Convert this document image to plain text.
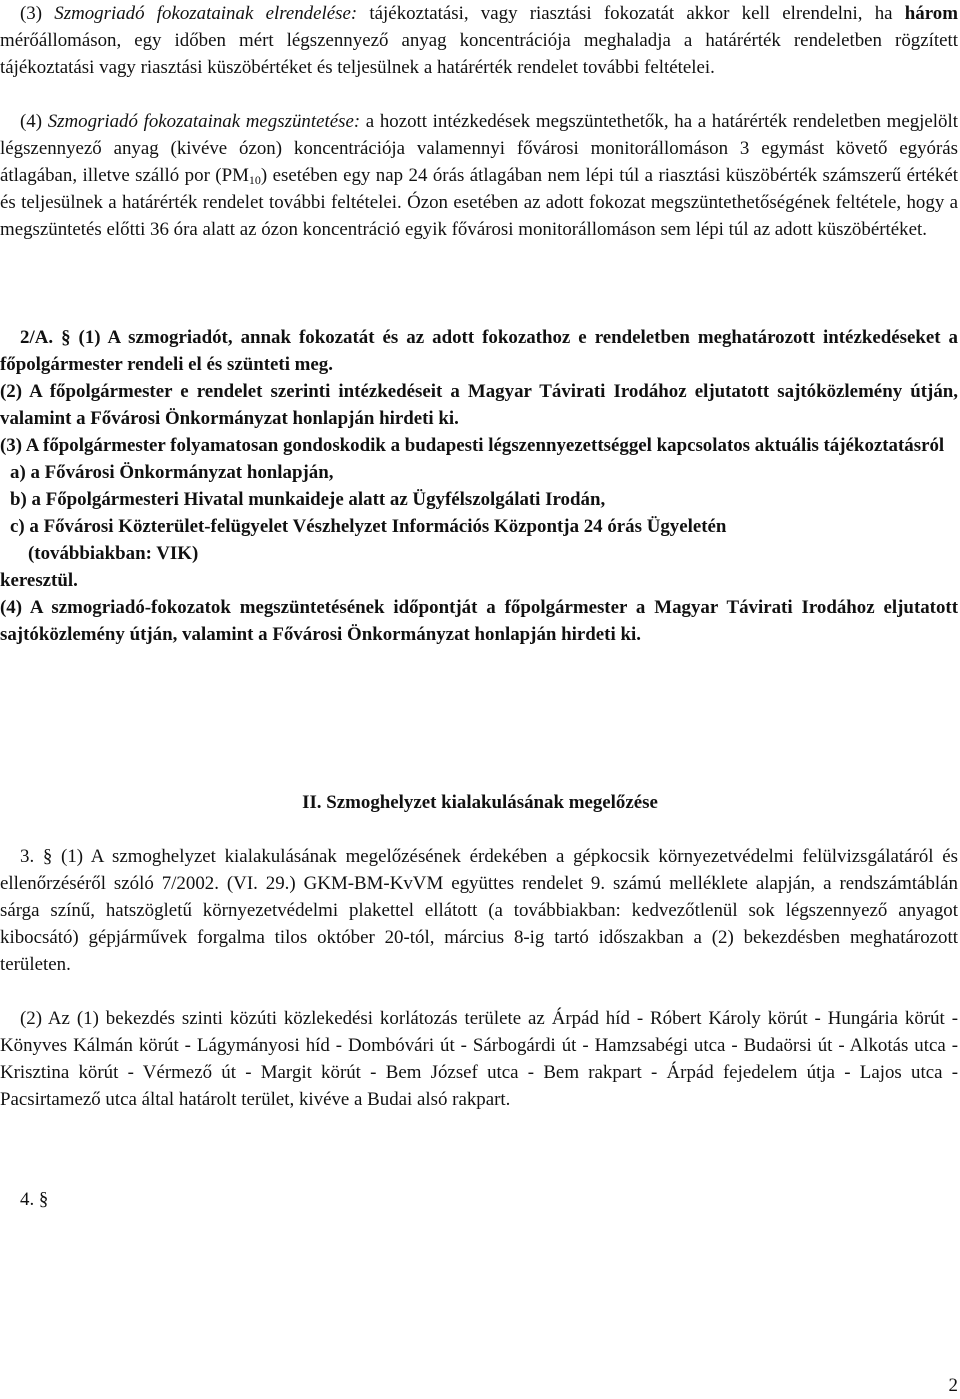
(3) Szmogriadó fokozatainak elrendelése: tájékoztatási, vagy riasztási fokozatát akkor kell elrendelni, ha három mérőállomáson, egy időben mért légszennyező anyag koncentrációja meghaladja a határérték rendeletben rögzített tájékoztatási vagy riasztási küszöbértéket és teljesülnek a határérték rendelet további feltételei.

(4) Szmogriadó fokozatainak megszüntetése: a hozott intézkedések megszüntethetők, ha a határérték rendeletben megjelölt légszennyező anyag (kivéve ózon) koncentrációja valamennyi fővárosi monitorállomáson 3 egymást követő egyórás átlagában, illetve szálló por $(PM_{10})$ esetében egy nap 24 órás átlagában nem lépi túl a riasztási küszöbérték számszerű értékét és teljesülnek a határérték rendelet további feltételei. Ózon esetében az adott fokozat megszüntethetőségének feltétele, hogy a megszüntetés előtti 36 óra alatt az ózon koncentráció egyik fővárosi monitorállomáson sem lépi túl az adott küszöbértéket.

2/A. § (1) A szmogriadót, annak fokozatát és az adott fokozathoz e rendeletben meghatározott intézkedéseket a főpolgármester rendeli el és szünteti meg.

(2) A főpolgármester e rendelet szerinti intézkedéseit a Magyar Távirati Irodához eljutatott sajtóközlemény útján, valamint a Fővárosi Önkormányzat honlapján hirdeti ki.

(3) A főpolgármester folyamatosan gondoskodik a budapesti légszennyezettséggel kapcsolatos aktuális tájékoztatásról

a) a Fővárosi Önkormányzat honlapján,

b) a Főpolgármesteri Hivatal munkaideje alatt az Ügyfélszolgálati Irodán,

c) a Fővárosi Közterület-felügyelet Vészhelyzet Információs Központja 24 órás Ügyeletén

(továbbiakban: VIK)

keresztül.

(4) A szmogriadó-fokozatok megszüntetésének időpontját a főpolgármester a Magyar Távirati Irodához eljutatott sajtóközlemény útján, valamint a Fővárosi Önkormányzat honlapján hirdeti ki.

II. Szmoghelyzet kialakulásának megelőzése

3. § (1) A szmoghelyzet kialakulásának megelőzésének érdekében a gépkocsik környezetvédelmi felülvizsgálatáról és ellenőrzéséről szóló 7/2002. (VI. 29.) GKM-BM-KvVM együttes rendelet 9. számú melléklete alapján, a rendszámtáblán sárga színű, hatszögletű környezetvédelmi plakettel ellátott (a továbbiakban: kedvezőtlenül sok légszennyező anyagot kibocsátó) gépjárművek forgalma tilos október 20-tól, március 8-ig tartó időszakban a (2) bekezdésben meghatározott területen.

(2) Az (1) bekezdés szinti közúti közlekedési korlátozás területe az Árpád híd - Róbert Károly körút - Hungária körút - Könyves Kálmán körút - Lágymányosi híd - Dombóvári út - Sárbogárdi út - Hamzsabégi utca - Budaörsi út - Alkotás utca - Krisztina körút - Vérmező út - Margit körút - Bem József utca - Bem rakpart - Árpád fejedelem útja - Lajos utca - Pacsirtamező utca által határolt terület, kivéve a Budai alsó rakpart.

4. §

2
